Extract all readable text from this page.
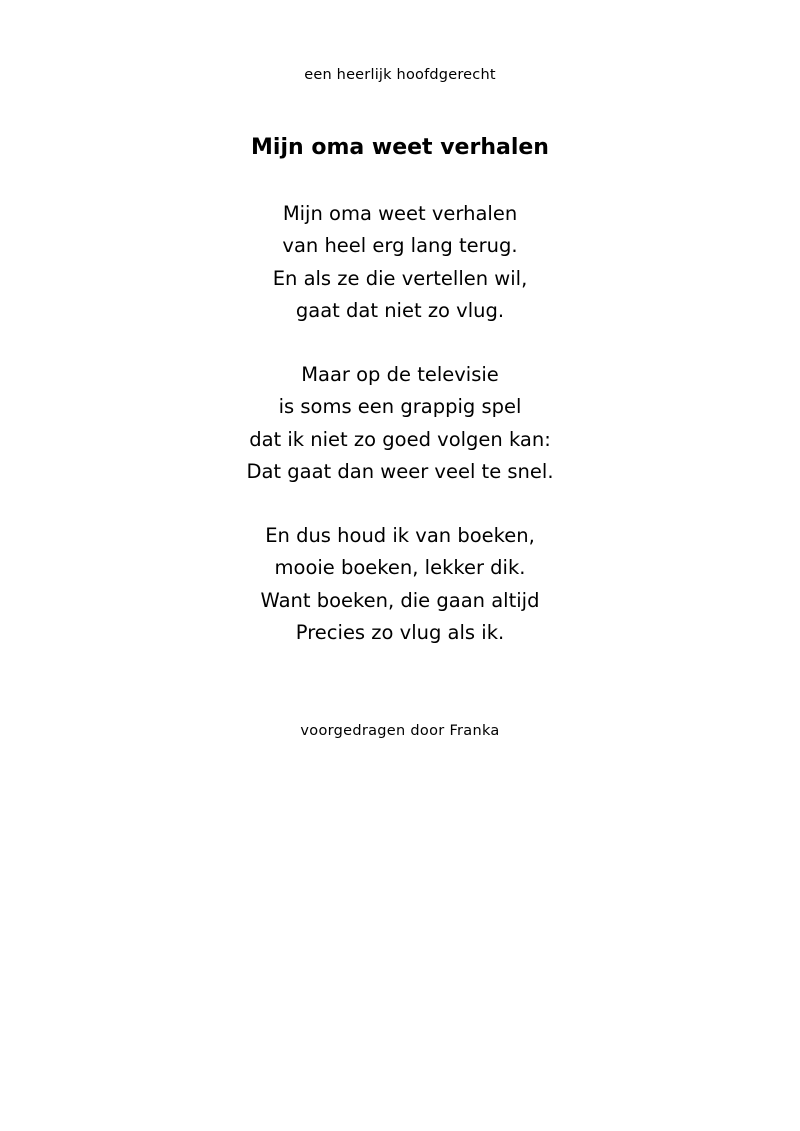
een heerlijk hoofdgerecht
Mijn oma weet verhalen
Mijn oma weet verhalen
van heel erg lang terug.
En als ze die vertellen wil,
gaat dat niet zo vlug.
Maar op de televisie
is soms een grappig spel
dat ik niet zo goed volgen kan:
Dat gaat dan weer veel te snel.
En dus houd ik van boeken,
mooie boeken, lekker dik.
Want boeken, die gaan altijd
Precies zo vlug als ik.
voorgedragen door Franka
